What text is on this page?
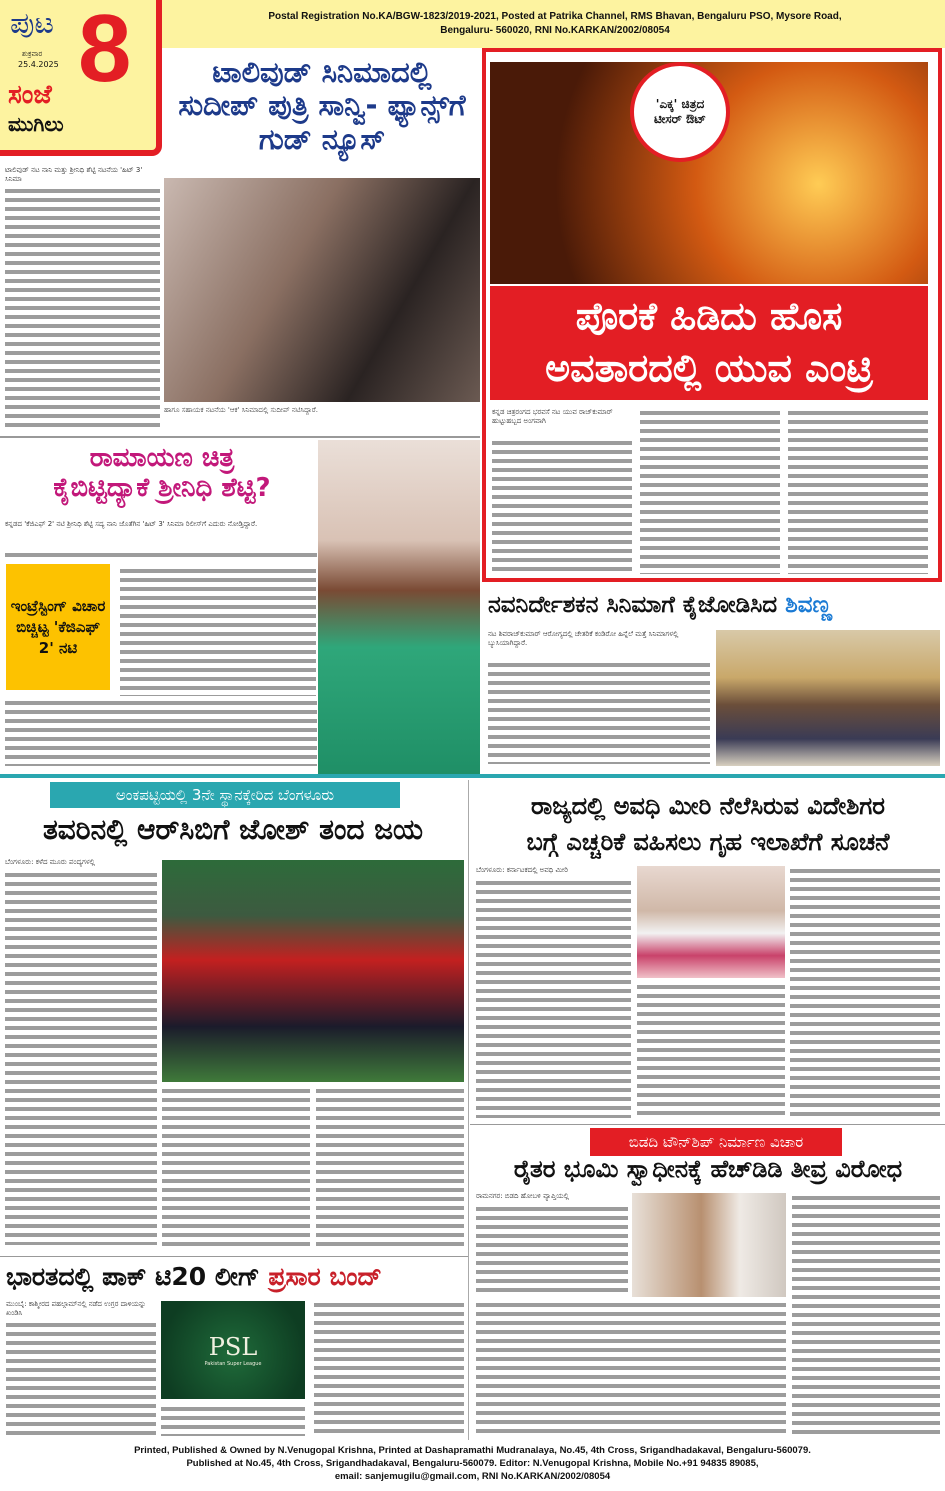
ಪುಟ 8
ಶುಕ್ರವಾರ
25.4.2025
ಸಂಜೆ
ಮುಗಿಲು
Postal Registration No.KA/BGW-1823/2019-2021, Posted at Patrika Channel, RMS Bhavan, Bengaluru PSO, Mysore Road,
Bengaluru- 560020, RNI No.KARKAN/2002/08054
ಟಾಲಿವುಡ್ ಸಿನಿಮಾದಲ್ಲಿ ಸುದೀಪ್ ಪುತ್ರಿ ಸಾನ್ವಿ- ಫ್ಯಾನ್ಸ್‌ಗೆ ಗುಡ್ ನ್ಯೂಸ್
ಟಾಲಿವುಡ್ ನಟ ನಾನಿ ಮತ್ತು ಶ್ರೀನಿಧಿ ಶೆಟ್ಟಿ ನಟನೆಯ 'ಹಿಟ್ 3' ಸಿನಿಮಾ
ಹಾಗೂ ಸಹಾಯಕ ನಟನೆಯ 'ಆಕ' ಸಿನಿಮಾದಲ್ಲಿ ಸುದೀಪ್ ನಟಿಸಿದ್ದಾರೆ.
'ಎಕ್ಕ' ಚಿತ್ರದ ಟೀಸರ್ ಔಟ್
ಪೊರಕೆ ಹಿಡಿದು ಹೊಸ
ಅವತಾರದಲ್ಲಿ ಯುವ ಎಂಟ್ರಿ
ಕನ್ನಡ ಚಿತ್ರರಂಗದ ಭರವಸೆ ನಟ ಯುವ ರಾಜ್‌ಕುಮಾರ್ ಹುಟ್ಟುಹಬ್ಬದ ಅಂಗವಾಗಿ
ರಾಮಾಯಣ ಚಿತ್ರ
ಕೈಬಿಟ್ಟಿದ್ಯಾಕೆ ಶ್ರೀನಿಧಿ ಶೆಟ್ಟಿ?
ಕನ್ನಡದ 'ಕೆಜಿಎಫ್ 2' ನಟಿ ಶ್ರೀನಿಧಿ ಶೆಟ್ಟಿ ಸದ್ಯ ನಾನಿ ಜೊತೆಗಿನ 'ಹಿಟ್ 3' ಸಿನಿಮಾ ರಿಲೀಸ್‌ಗೆ ಎದುರು ನೋಡ್ತಿದ್ದಾರೆ.
ಇಂಟ್ರೆಸ್ಟಿಂಗ್ ವಿಚಾರ ಬಿಚ್ಚಿಟ್ಟ 'ಕೆಜಿಎಫ್ 2' ನಟಿ
ನವನಿರ್ದೇಶಕನ ಸಿನಿಮಾಗೆ ಕೈಜೋಡಿಸಿದ ಶಿವಣ್ಣ
ನಟ ಶಿವರಾಜ್‌ಕುಮಾರ್ ಆರೋಗ್ಯದಲ್ಲಿ ಚೇತರಿಕೆ ಕಂಡಿರೋ ಹಿನ್ನೆಲೆ ಮತ್ತೆ ಸಿನಿಮಾಗಳಲ್ಲಿ ಬ್ಯುಸಿಯಾಗಿದ್ದಾರೆ.
ಅಂಕಪಟ್ಟಿಯಲ್ಲಿ 3ನೇ ಸ್ಥಾನಕ್ಕೇರಿದ ಬೆಂಗಳೂರು
ತವರಿನಲ್ಲಿ ಆರ್‌ಸಿಬಿಗೆ ಜೋಶ್ ತಂದ ಜಯ
ಬೆಂಗಳೂರು: ಕಳೆದ ಮೂರು ಪಂದ್ಯಗಳಲ್ಲಿ
ರಾಜ್ಯದಲ್ಲಿ ಅವಧಿ ಮೀರಿ ನೆಲೆಸಿರುವ ವಿದೇಶಿಗರ
ಬಗ್ಗೆ ಎಚ್ಚರಿಕೆ ವಹಿಸಲು ಗೃಹ ಇಲಾಖೆಗೆ ಸೂಚನೆ
ಬೆಂಗಳೂರು: ಕರ್ನಾಟಕದಲ್ಲಿ ಅವಧಿ ಮೀರಿ
ಬಿಡದಿ ಟೌನ್‌ಶಿಪ್ ನಿರ್ಮಾಣ ವಿಚಾರ
ರೈತರ ಭೂಮಿ ಸ್ವಾಧೀನಕ್ಕೆ ಹೆಚ್‌ಡಿಡಿ ತೀವ್ರ ವಿರೋಧ
ರಾಮನಗರ: ಬಿಡದಿ ಹೋಬಳಿ ವ್ಯಾಪ್ತಿಯಲ್ಲಿ
ಭಾರತದಲ್ಲಿ ಪಾಕ್ ಟಿ20 ಲೀಗ್ ಪ್ರಸಾರ ಬಂದ್
ಮುಂಬೈ: ಕಾಶ್ಮೀರದ ಪಹಲ್ಗಾಮ್‌ನಲ್ಲಿ ನಡೆದ ಉಗ್ರರ ದಾಳಿಯನ್ನು ಖಂಡಿಸಿ
PSL
Pakistan Super League
Printed, Published & Owned by N.Venugopal Krishna, Printed at Dashapramathi Mudranalaya, No.45, 4th Cross, Srigandhadakaval, Bengaluru-560079.
Published at No.45, 4th Cross, Srigandhadakaval, Bengaluru-560079. Editor: N.Venugopal Krishna, Mobile No.+91 94835 89085,
email: sanjemugilu@gmail.com, RNI No.KARKAN/2002/08054
